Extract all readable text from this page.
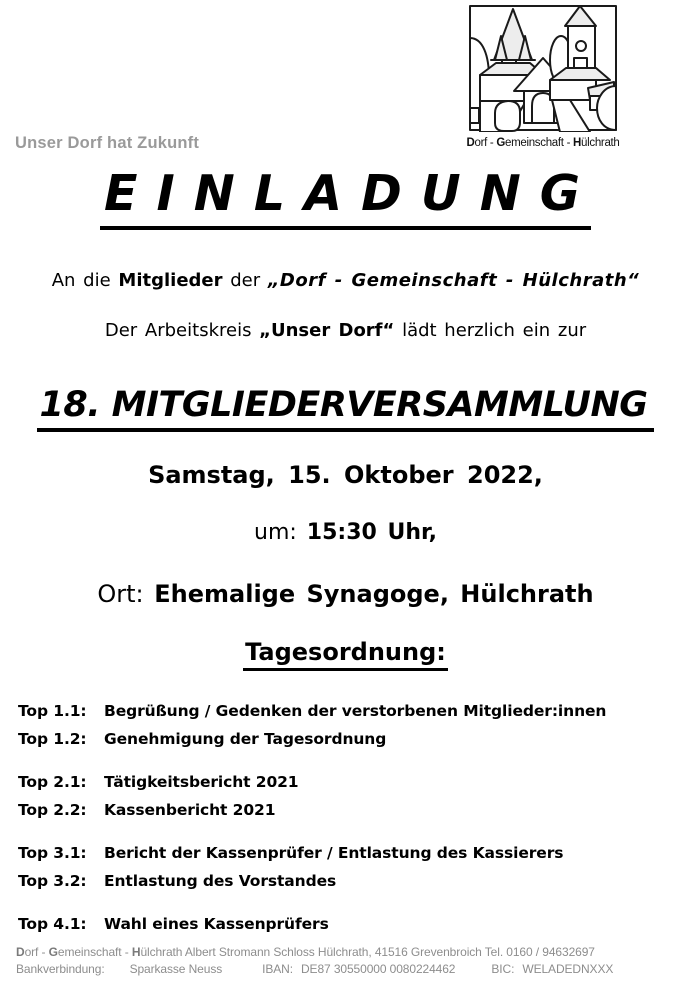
Unser Dorf hat Zukunft	Dorf - Gemeinschaft - Hülchrath
E I N L A D U N G
An die Mitglieder der „Dorf - Gemeinschaft - Hülchrath“
Der Arbeitskreis „Unser Dorf“ lädt herzlich ein zur
18. MITGLIEDERVERSAMMLUNG
Samstag, 15. Oktober 2022,
um: 15:30 Uhr,
Ort: Ehemalige Synagoge, Hülchrath
Tagesordnung:
Top 1.1: Begrüßung / Gedenken der verstorbenen Mitglieder:innen
Top 1.2: Genehmigung der Tagesordnung
Top 2.1: Tätigkeitsbericht 2021
Top 2.2: Kassenbericht 2021
Top 3.1: Bericht der Kassenprüfer / Entlastung des Kassierers
Top 3.2: Entlastung des Vorstandes
Top 4.1: Wahl eines Kassenprüfers
Dorf - Gemeinschaft - Hülchrath Albert Stromann Schloss Hülchrath, 41516 Grevenbroich Tel. 0160 / 94632697
Bankverbindung: Sparkasse Neuss	IBAN: DE87 30550000 0080224462	BIC: WELADEDNXXX
